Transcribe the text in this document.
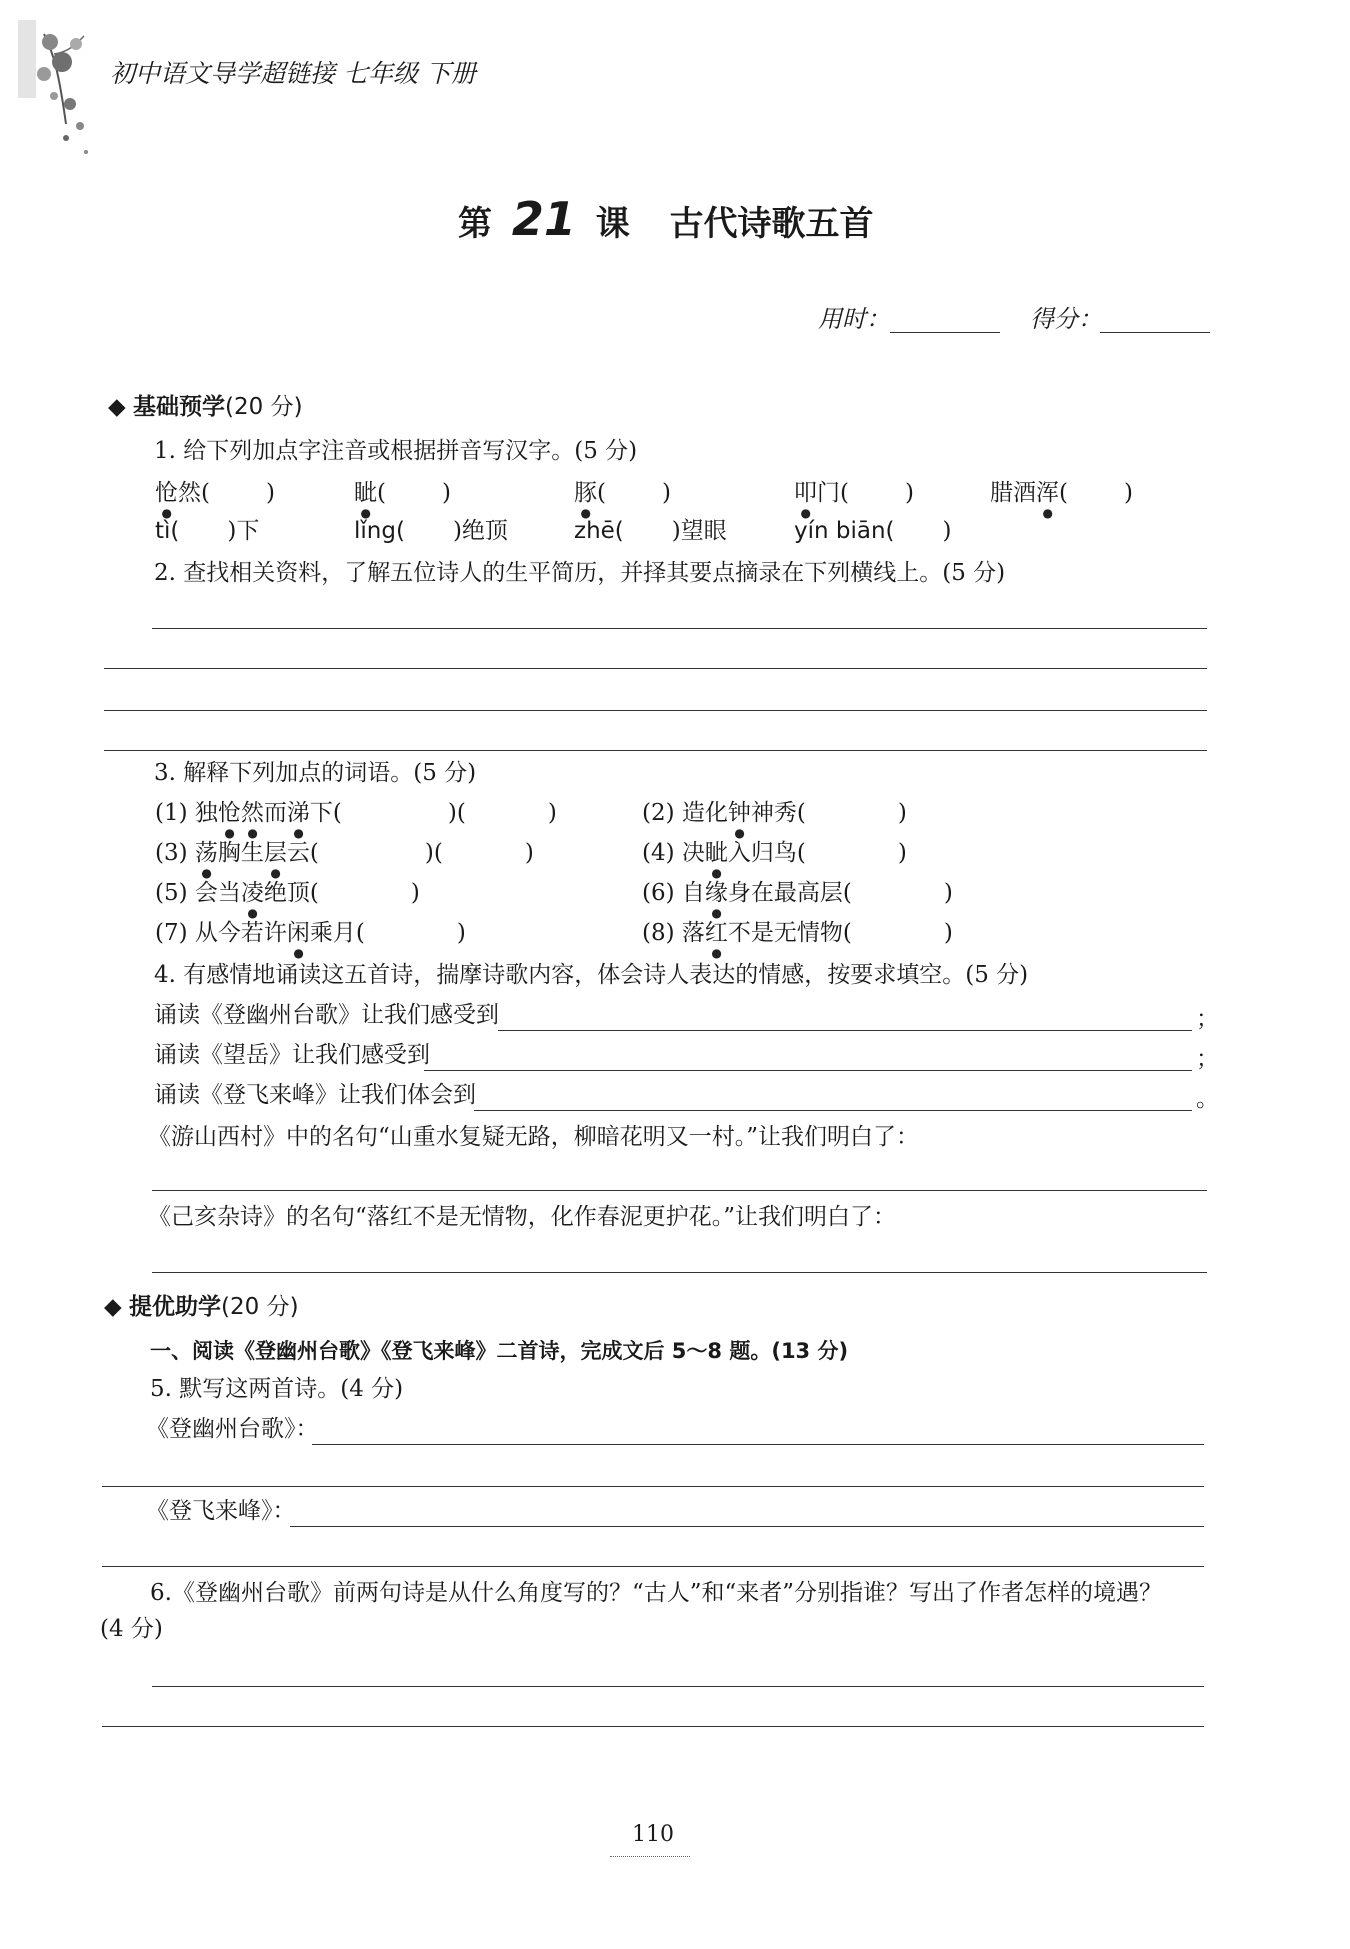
初中语文导学超链接 七年级 下册
第 21 课 古代诗歌五首
用时：	得分：
◆ 基础预学(20 分)
1. 给下列加点字注音或根据拼音写汉字。(5 分)
怆然( )	眦( )	豚( )	叩门( )	腊酒浑( )
tì( )下	lǐng( )绝顶	zhē( )望眼	yín biān( )
2. 查找相关资料，了解五位诗人的生平简历，并择其要点摘录在下列横线上。(5 分)
3. 解释下列加点的词语。(5 分)
(1) 独怆然而涕下(	)(	)	(2) 造化钟神秀(	)
(3) 荡胸生层云(	)(	)	(4) 决眦入归鸟(	)
(5) 会当凌绝顶(	)	(6) 自缘身在最高层(	)
(7) 从今若许闲乘月(	)	(8) 落红不是无情物(	)
4. 有感情地诵读这五首诗，揣摩诗歌内容，体会诗人表达的情感，按要求填空。(5 分)
诵读《登幽州台歌》让我们感受到	；
诵读《望岳》让我们感受到	；
诵读《登飞来峰》让我们体会到	。
《游山西村》中的名句“山重水复疑无路，柳暗花明又一村。”让我们明白了：
《己亥杂诗》的名句“落红不是无情物，化作春泥更护花。”让我们明白了：
◆ 提优助学(20 分)
一、阅读《登幽州台歌》《登飞来峰》二首诗，完成文后 5～8 题。(13 分)
5. 默写这两首诗。(4 分)
《登幽州台歌》：
《登飞来峰》：
6.《登幽州台歌》前两句诗是从什么角度写的？“古人”和“来者”分别指谁？写出了作者怎样的境遇？
(4 分)
110
